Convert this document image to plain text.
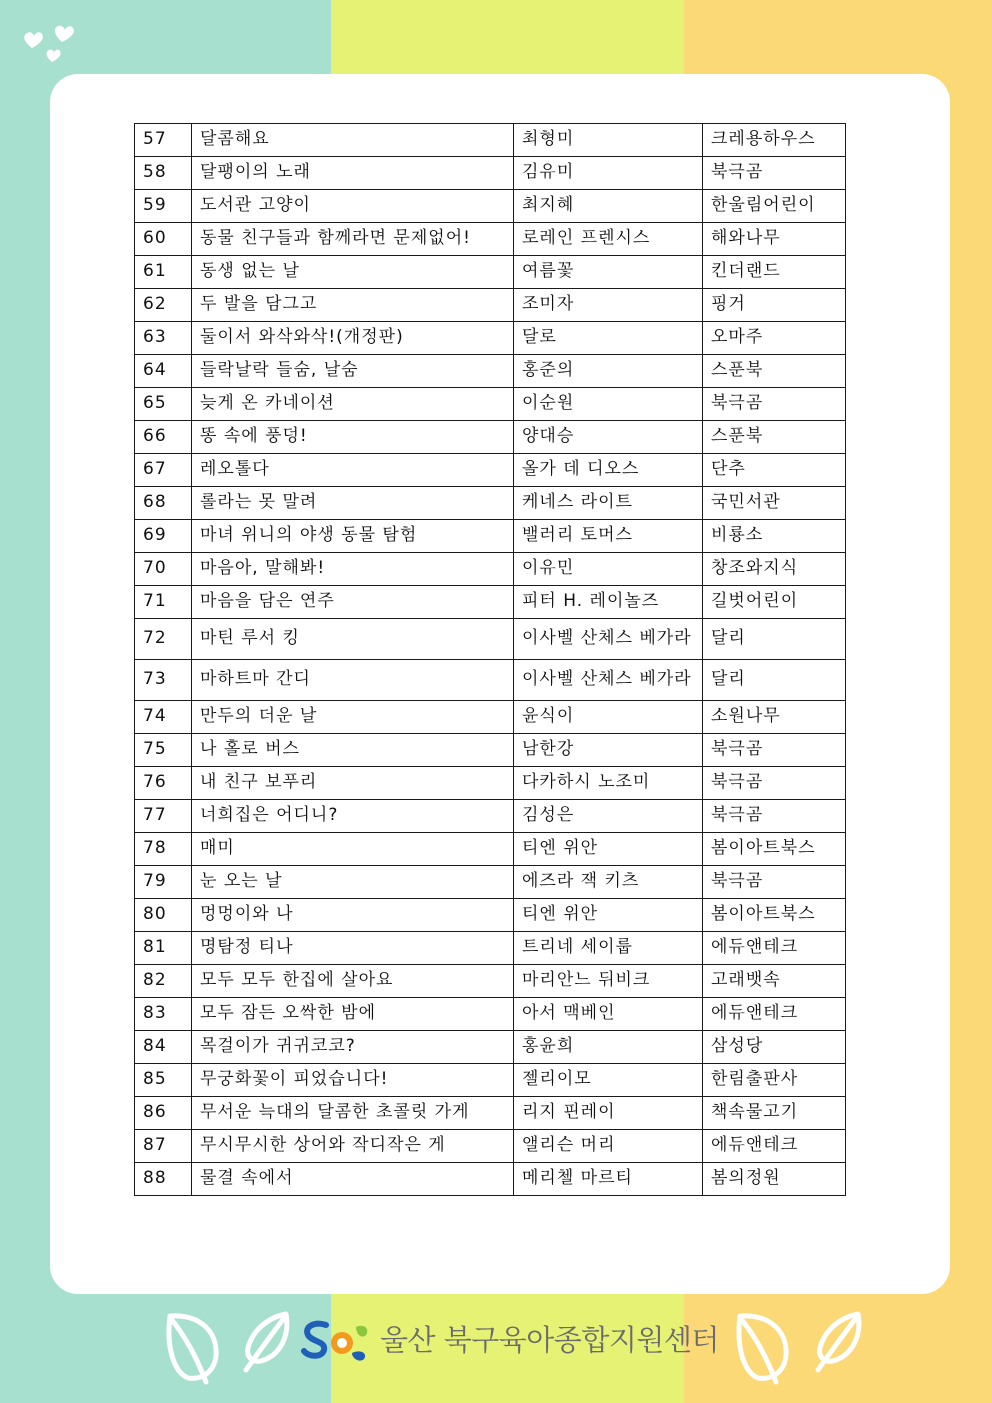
57	달콤해요	최형미	크레용하우스
58	달팽이의 노래	김유미	북극곰
59	도서관 고양이	최지혜	한울림어린이
60	동물 친구들과 함께라면 문제없어!	로레인 프렌시스	해와나무
61	동생 없는 날	여름꽃	킨더랜드
62	두 발을 담그고	조미자	핑거
63	둘이서 와삭와삭!(개정판)	달로	오마주
64	들락날락 들숨, 날숨	홍준의	스푼북
65	늦게 온 카네이션	이순원	북극곰
66	똥 속에 풍덩!	양대승	스푼북
67	레오톨다	올가 데 디오스	단추
68	롤라는 못 말려	케네스 라이트	국민서관
69	마녀 위니의 야생 동물 탐험	밸러리 토머스	비룡소
70	마음아, 말해봐!	이유민	창조와지식
71	마음을 담은 연주	피터 H. 레이놀즈	길벗어린이
72	마틴 루서 킹	이사벨 산체스 베가라	달리
73	마하트마 간디	이사벨 산체스 베가라	달리
74	만두의 더운 날	윤식이	소원나무
75	나 홀로 버스	남한강	북극곰
76	내 친구 보푸리	다카하시 노조미	북극곰
77	너희집은 어디니?	김성은	북극곰
78	매미	티엔 위안	봄이아트북스
79	눈 오는 날	에즈라 잭 키츠	북극곰
80	멍멍이와 나	티엔 위안	봄이아트북스
81	명탐정 티나	트리네 세이룹	에듀앤테크
82	모두 모두 한집에 살아요	마리안느 뒤비크	고래뱃속
83	모두 잠든 오싹한 밤에	아서 맥베인	에듀앤테크
84	목걸이가 귀귀코코?	홍윤희	삼성당
85	무궁화꽃이 피었습니다!	젤리이모	한림출판사
86	무서운 늑대의 달콤한 초콜릿 가게	리지 핀레이	책속물고기
87	무시무시한 상어와 작디작은 게	앨리슨 머리	에듀앤테크
88	물결 속에서	메리첼 마르티	봄의정원
울산 북구육아종합지원센터
